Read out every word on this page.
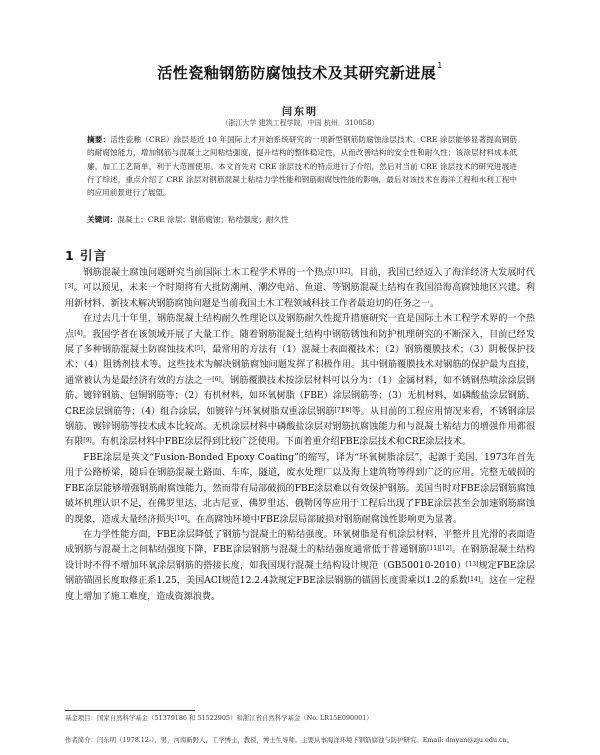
活性瓷釉钢筋防腐蚀技术及其研究新进展$^1$
闫东明
（浙江大学 建筑工程学院，中国 杭州，310058）
摘要：活性瓷釉（CRE）涂层是近 10 年国际上才开始系统研究的一项新型钢筋防腐蚀涂层技术。CRE 涂层能够显著提高钢筋的耐腐蚀能力，增加钢筋与混凝土之间粘结强度，提升结构的整体稳定性，从而改善结构的安全性和耐久性；该涂层材料成本低廉，加工工艺简单，利于大范围使用。本文首先对 CRE 涂层技术的特点进行了介绍，然后对当前 CRE 涂层技术的研究进展进行了综述，重点介绍了 CRE 涂层对钢筋混凝土粘结力学性能和钢筋耐腐蚀性能的影响，最后对该技术在海洋工程和水利工程中的应用前景进行了展望。
关键词：混凝土；CRE 涂层；钢筋腐蚀；粘结强度；耐久性
1 引言

钢筋混凝土腐蚀问题研究当前国际土木工程学术界的一个热点[1][2]。目前，我国已经迈入了海洋经济大发展时代[3]。可以预见，未来一个时期将有大批防潮闸、潮汐电站、鱼道、等钢筋混凝土结构在我国沿海高腐蚀地区兴建。利用新材料、新技术解决钢筋腐蚀问题是当前我国土木工程领域科技工作者最迫切的任务之一。

在过去几十年里，钢筋混凝土结构耐久性理论以及钢筋耐久性提升措施研究一直是国际土木工程学术界的一个热点[4]。我国学者在该领域开展了大量工作。随着钢筋混凝土结构中钢筋锈蚀和防护机理研究的不断深入，目前已经发展了多种钢筋混凝土防腐蚀技术[5]，最常用的方法有（1）混凝土表面覆技术；（2）钢筋覆膜技术；（3）阴极保护技术；（4）阻锈剂技术等。这些技术为解决钢筋腐蚀问题发挥了积极作用。其中钢筋覆膜技术对钢筋的保护最为直接，通常被认为是最经济有效的方法之一[6]。钢筋覆膜技术按涂层材料可以分为：（1）金属材料，如不锈钢热喷涂涂层钢筋、镀锌钢筋、包铜钢筋等；（2）有机材料，如环氧树脂（FBE）涂层钢筋等；（3）无机材料，如磷酸盐涂层钢筋、CRE涂层钢筋等；（4）组合涂层，如镀锌与环氧树脂双重涂层钢筋[7][8]等。从目前的工程应用情况来看，不锈钢涂层钢筋、镀锌钢筋等技术成本比较高。无机涂层材料中磷酸盐涂层对钢筋抗腐蚀能力和与混凝土粘结力的增强作用都很有限[9]。有机涂层材料中FBE涂层得到比较广泛使用。下面着重介绍FBE涂层技术和CRE涂层技术。

FBE涂层是英文“Fusion-Bonded Epoxy Coating”的缩写，译为“环氧树脂涂层”，起源于美国，1973年首先用于公路桥梁，随后在钢筋混凝土路面、车库，隧道，废水处理厂以及海上建筑物等得到广泛的应用。完整无破损的FBE涂层能够增强钢筋耐腐蚀能力，然而带有局部破损的FBE涂层难以有效保护钢筋。美国当时对FBE涂层钢筋腐蚀破坏机理认识不足，在佛罗里达、北古尼亚、佛罗里达、俄勒冈等应用于工程后出现了FBE涂层甚至会加速钢筋腐蚀的现象，造成大量经济损失[10]。在高腐蚀环境中FBE涂层局部破损对钢筋耐腐蚀性影响更为显著。

在力学性能方面，FBE涂层降低了钢筋与混凝土的粘结强度。环氧树脂是有机涂层材料，平整并且光滑的表面造成钢筋与混凝土之间粘结强度下降，FBE涂层钢筋与混凝土的粘结强度通常低于普通钢筋[11][12]。在钢筋混凝土结构设计时不得不增加环氧涂层钢筋的搭接长度，如我国现行混凝土结构设计规范（GB50010-2010）[13]规定FBE涂层钢筋锚固长度取修正系1.25，美国ACI规范12.2.4款规定FBE涂层钢筋的锚固长度需乘以1.2的系数[14]。这在一定程度上增加了施工难度，造成资源浪费。

基金项目：国家自然科学基金（51379186 和 51522905）和浙江省自然科学基金（No. LR15E090001）
作者简介：闫东明（1978.12-），男，河南新野人，工学博士，教授，博士生导师。主要从事海洋环境下钢筋腐蚀与防护研究。Email: dmyan@zju.edu.cn。
